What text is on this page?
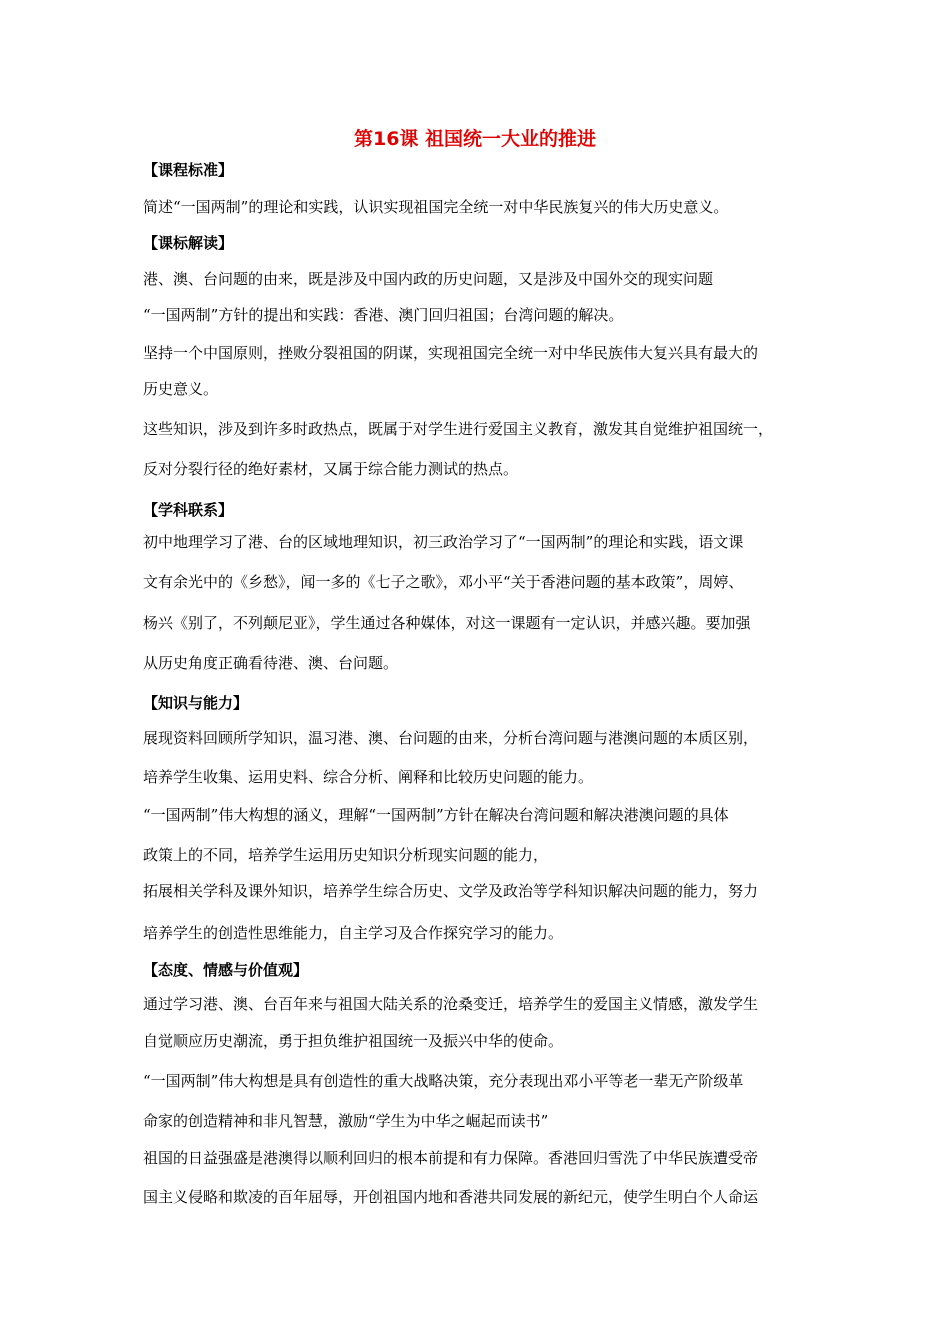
第16课 祖国统一大业的推进
【课程标准】
简述“一国两制”的理论和实践，认识实现祖国完全统一对中华民族复兴的伟大历史意义。
【课标解读】
港、澳、台问题的由来，既是涉及中国内政的历史问题，又是涉及中国外交的现实问题
“一国两制”方针的提出和实践：香港、澳门回归祖国；台湾问题的解决。
坚持一个中国原则，挫败分裂祖国的阴谋，实现祖国完全统一对中华民族伟大复兴具有最大的
历史意义。
这些知识，涉及到许多时政热点，既属于对学生进行爱国主义教育，激发其自觉维护祖国统一，
反对分裂行径的绝好素材，又属于综合能力测试的热点。
【学科联系】
初中地理学习了港、台的区域地理知识，初三政治学习了“一国两制”的理论和实践，语文课
文有余光中的《乡愁》，闻一多的《七子之歌》，邓小平“关于香港问题的基本政策”，周婷、
杨兴《别了，不列颠尼亚》，学生通过各种媒体，对这一课题有一定认识，并感兴趣。要加强
从历史角度正确看待港、澳、台问题。
【知识与能力】
展现资料回顾所学知识，温习港、澳、台问题的由来，分析台湾问题与港澳问题的本质区别，
培养学生收集、运用史料、综合分析、阐释和比较历史问题的能力。
“一国两制”伟大构想的涵义，理解“一国两制”方针在解决台湾问题和解决港澳问题的具体
政策上的不同，培养学生运用历史知识分析现实问题的能力，
拓展相关学科及课外知识，培养学生综合历史、文学及政治等学科知识解决问题的能力，努力
培养学生的创造性思维能力，自主学习及合作探究学习的能力。
【态度、情感与价值观】
通过学习港、澳、台百年来与祖国大陆关系的沧桑变迁，培养学生的爱国主义情感，激发学生
自觉顺应历史潮流，勇于担负维护祖国统一及振兴中华的使命。
“一国两制”伟大构想是具有创造性的重大战略决策，充分表现出邓小平等老一辈无产阶级革
命家的创造精神和非凡智慧，激励“学生为中华之崛起而读书”
祖国的日益强盛是港澳得以顺利回归的根本前提和有力保障。香港回归雪洗了中华民族遭受帝
国主义侵略和欺凌的百年屈辱，开创祖国内地和香港共同发展的新纪元，使学生明白个人命运
